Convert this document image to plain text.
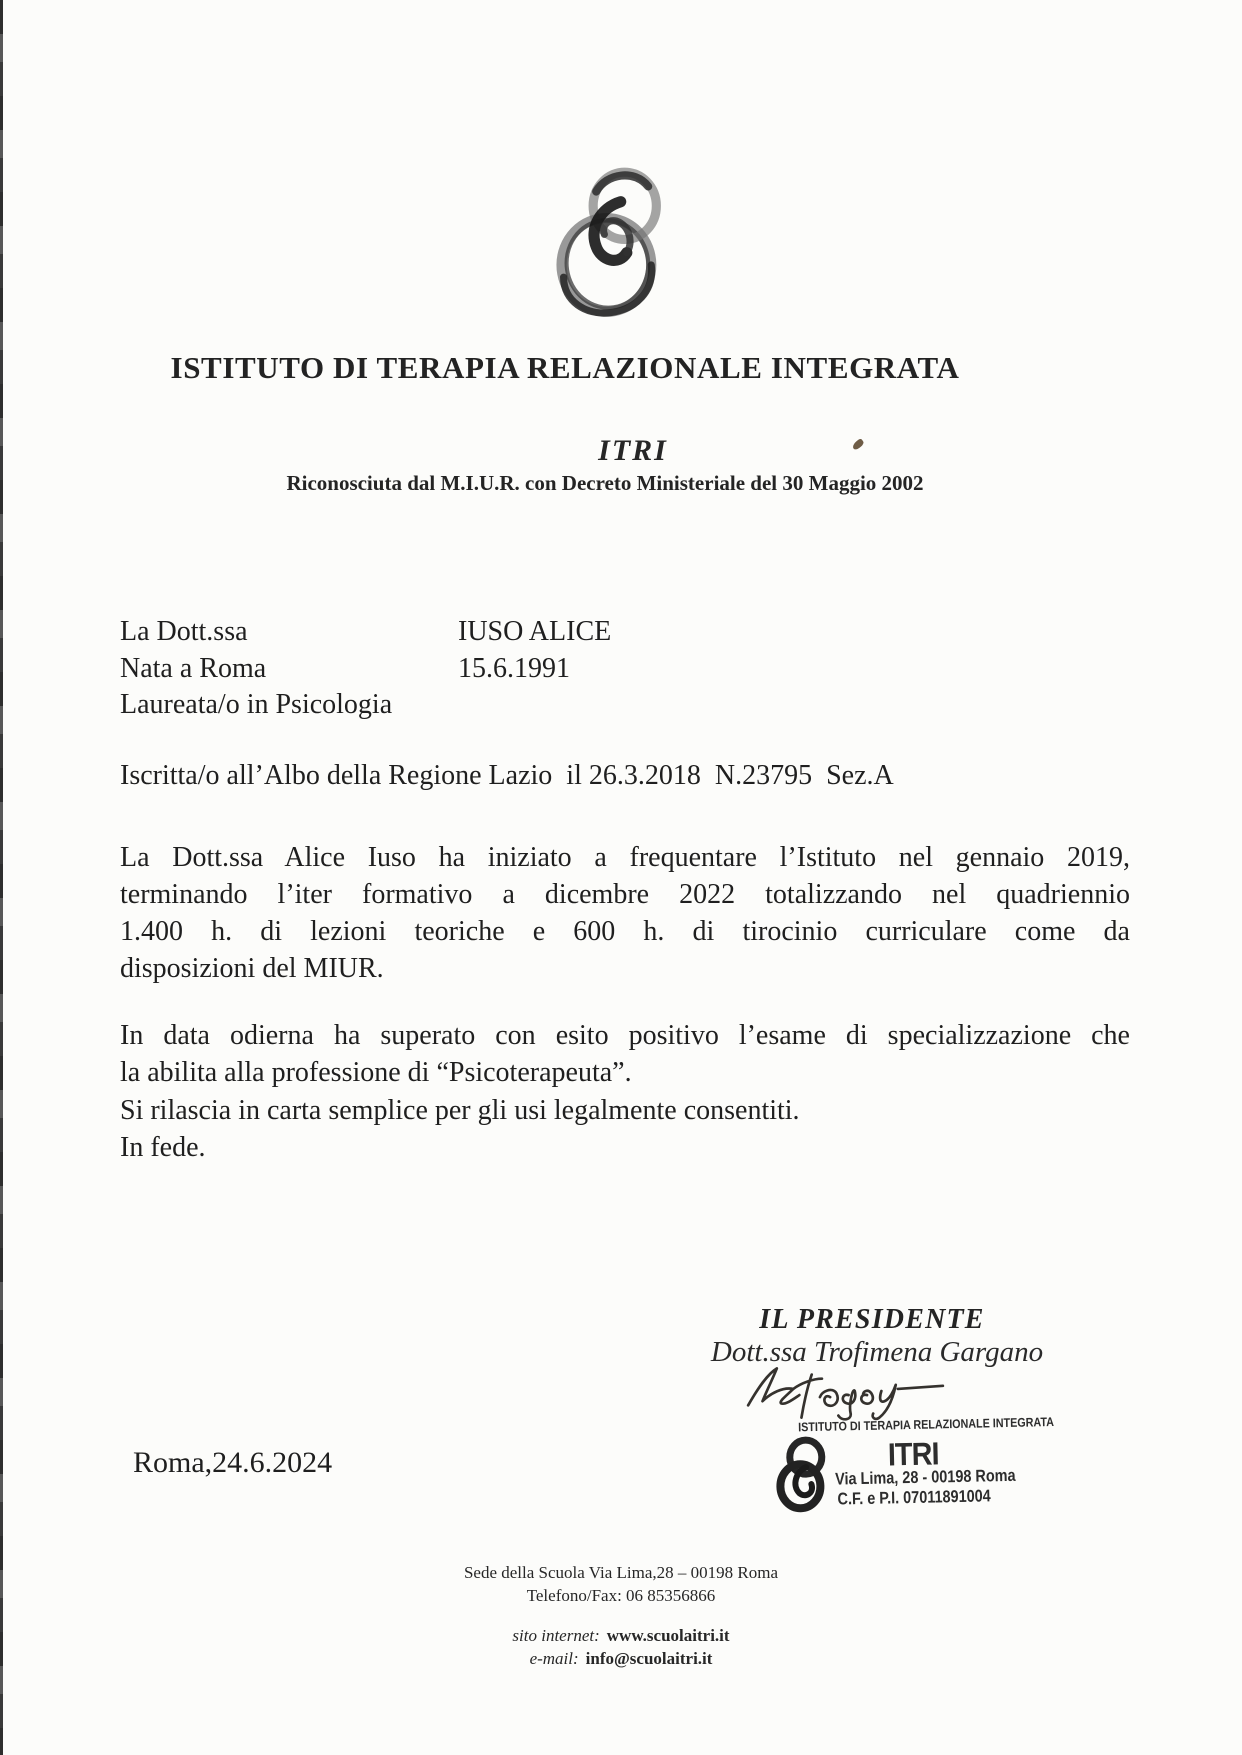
ISTITUTO DI TERAPIA RELAZIONALE INTEGRATA
ITRI
Riconosciuta dal M.I.U.R. con Decreto Ministeriale del 30 Maggio 2002
La Dott.ssa	IUSO ALICE
Nata a Roma	15.6.1991
Laureata/o in Psicologia
Iscritta/o all’Albo della Regione Lazio  il 26.3.2018  N.23795  Sez.A
La Dott.ssa Alice Iuso ha iniziato a frequentare l’Istituto nel gennaio 2019,
terminando l’iter formativo a dicembre 2022 totalizzando nel quadriennio
1.400 h. di lezioni teoriche e 600 h. di tirocinio curriculare come da
disposizioni del MIUR.
In data odierna ha superato con esito positivo l’esame di specializzazione che
la abilita alla professione di “Psicoterapeuta”.
Si rilascia in carta semplice per gli usi legalmente consentiti.
In fede.
IL PRESIDENTE
Dott.ssa Trofimena Gargano
ISTITUTO DI TERAPIA RELAZIONALE INTEGRATA
ITRI
Via Lima, 28 - 00198 Roma
C.F. e P.I. 07011891004
Roma,24.6.2024
Sede della Scuola Via Lima,28 – 00198 Roma
Telefono/Fax: 06 85356866
sito internet: www.scuolaitri.it
e-mail: info@scuolaitri.it
